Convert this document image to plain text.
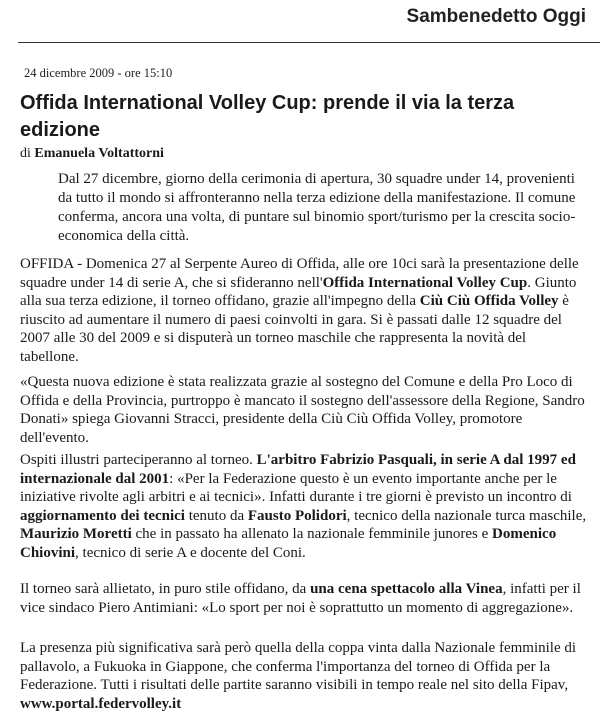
Sambenedetto Oggi
24 dicembre 2009 - ore 15:10
Offida International Volley Cup: prende il via la terza edizione
di Emanuela Voltattorni
Dal 27 dicembre, giorno della cerimonia di apertura, 30 squadre under 14, provenienti da tutto il mondo si affronteranno nella terza edizione della manifestazione. Il comune conferma, ancora una volta, di puntare sul binomio sport/turismo per la crescita socio-economica della città.

OFFIDA - Domenica 27 al Serpente Aureo di Offida, alle ore 10ci sarà la presentazione delle squadre under 14 di serie A, che si sfideranno nell'Offida International Volley Cup. Giunto alla sua terza edizione, il torneo offidano, grazie all'impegno della Ciù Ciù Offida Volley è riuscito ad aumentare il numero di paesi coinvolti in gara. Si è passati dalle 12 squadre del 2007 alle 30 del 2009 e si disputerà un torneo maschile che rappresenta la novità del tabellone.

«Questa nuova edizione è stata realizzata grazie al sostegno del Comune e della Pro Loco di Offida e della Provincia, purtroppo è mancato il sostegno dell'assessore della Regione, Sandro Donati» spiega Giovanni Stracci, presidente della Ciù Ciù Offida Volley, promotore dell'evento.

Ospiti illustri parteciperanno al torneo. L'arbitro Fabrizio Pasquali, in serie A dal 1997 ed internazionale dal 2001: «Per la Federazione questo è un evento importante anche per le iniziative rivolte agli arbitri e ai tecnici». Infatti durante i tre giorni è previsto un incontro di aggiornamento dei tecnici tenuto da Fausto Polidori, tecnico della nazionale turca maschile, Maurizio Moretti che in passato ha allenato la nazionale femminile junores e Domenico Chiovini, tecnico di serie A e docente del Coni.

Il torneo sarà allietato, in puro stile offidano, da una cena spettacolo alla Vinea, infatti per il vice sindaco Piero Antimiani: «Lo sport per noi è soprattutto un momento di aggregazione».

La presenza più significativa sarà però quella della coppa vinta dalla Nazionale femminile di pallavolo, a Fukuoka in Giappone, che conferma l'importanza del torneo di Offida per la Federazione. Tutti i risultati delle partite saranno visibili in tempo reale nel sito della Fipav, www.portal.federvolley.it
